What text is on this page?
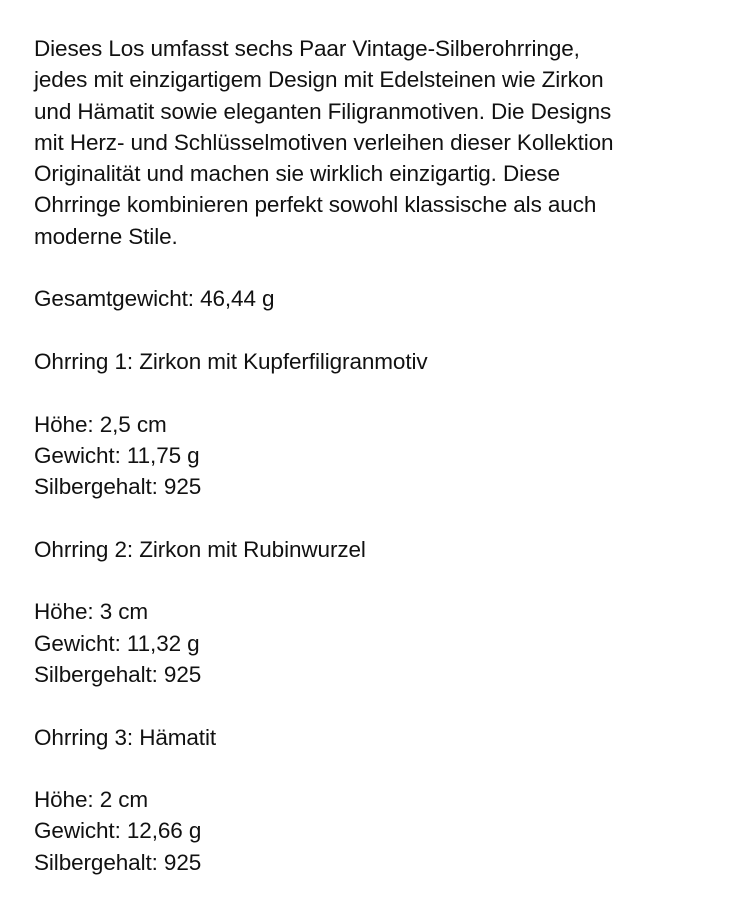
Dieses Los umfasst sechs Paar Vintage-Silberohrringe,
jedes mit einzigartigem Design mit Edelsteinen wie Zirkon
und Hämatit sowie eleganten Filigranmotiven. Die Designs
mit Herz- und Schlüsselmotiven verleihen dieser Kollektion
Originalität und machen sie wirklich einzigartig. Diese
Ohrringe kombinieren perfekt sowohl klassische als auch
moderne Stile.
Gesamtgewicht: 46,44 g
Ohrring 1: Zirkon mit Kupferfiligranmotiv
Höhe: 2,5 cm
Gewicht: 11,75 g
Silbergehalt: 925
Ohrring 2: Zirkon mit Rubinwurzel
Höhe: 3 cm
Gewicht: 11,32 g
Silbergehalt: 925
Ohrring 3: Hämatit
Höhe: 2 cm
Gewicht: 12,66 g
Silbergehalt: 925
